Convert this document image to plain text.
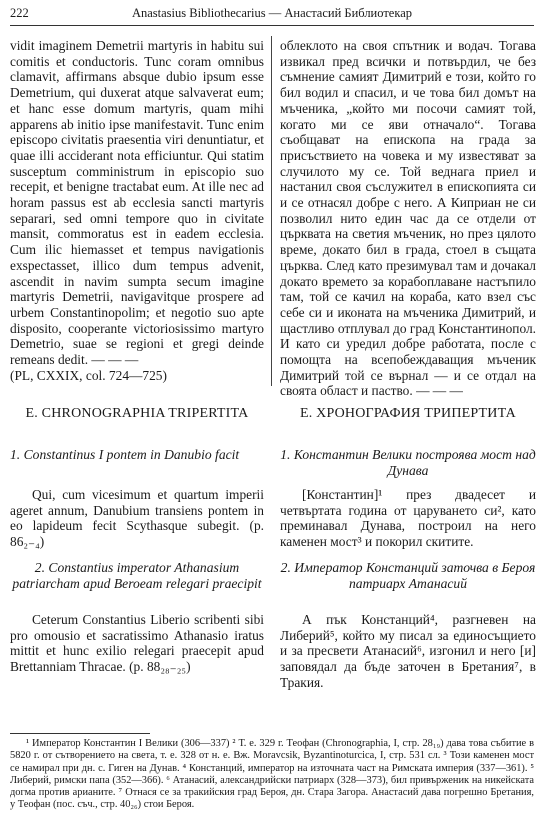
222	Anastasius Bibliothecarius — Анастасий Библиотекар
vidit imaginem Demetrii martyris in habitu sui comitis et conductoris. Tunc coram omnibus clamavit, affirmans absque dubio ipsum esse Demetrium, qui duxerat atque salvaverat eum; et hanc esse domum martyris, quam mihi apparens ab initio ipse manifestavit. Tunc enim episcopo civitatis praesentia viri denuntiatur, et quae illi acciderant nota efficiuntur. Qui statim susceptum comministrum in episcopio suo recepit, et benigne tractabat eum. At ille nec ad horam passus est ab ecclesia sancti martyris separari, sed omni tempore quo in civitate mansit, commoratus est in eadem ecclesia. Cum ilic hiemasset et tempus navigationis exspectasset, illico dum tempus advenit, ascendit in navim sumpta secum imagine martyris Demetrii, navigavitque prospere ad urbem Constantinopolim; et negotio suo apte disposito, cooperante victoriosissimo martyro Demetrio, suae se regioni et gregi deinde remeans dedit. — — —
(PL, CXXIX, col. 724—725)
облеклото на своя спътник и водач. Тогава извикал пред всички и потвърдил, че без съмнение самият Димитрий е този, който го бил водил и спасил, и че това бил домът на мъченика, „който ми посочи самият той, когато ми се яви отначало“. Тогава съобщават на епископа на града за присъствието на човека и му известяват за случилото му се. Той веднага приел и настанил своя съслужител в епископията си и се отнасял добре с него. А Киприан не си позволил нито един час да се отдели от църквата на светия мъченик, но през цялото време, докато бил в града, стоел в същата църква. След като презимувал там и дочакал докато времето за корабоплаване настъпило там, той се качил на кораба, като взел със себе си и иконата на мъченика Димитрий, и щастливо отплувал до град Константинопол. И като си уредил добре работата, после с помощта на всепобеждаващия мъченик Димитрий той се върнал — и се отдал на своята област и паство. — — —
E. CHRONOGRAPHIA TRIPERTITA	Е. ХРОНОГРАФИЯ ТРИПЕРТИТА
1. Constantinus I pontem in Danubio facit	1. Константин Велики построява мост над Дунава
Qui, cum vicesimum et quartum imperii ageret annum, Danubium transiens pontem in eo lapideum fecit Scythasque subegit. (p. 86₂₋₄)
[Константин]¹ през двадесет и четвъртата година от царуването си², като преминавал Дунава, построил на него каменен мост³ и покорил скитите.
2. Constantius imperator Athanasium patriarcham apud Beroeam relegari praecipit
2. Император Констанций заточва в Бероя патриарх Атанасий
Ceterum Constantius Liberio scribenti sibi pro omousio et sacratissimo Athanasio iratus mittit et hunc exilio relegari praecepit apud Brettanniam Thracae. (p. 88₂₈₋₂₅)
А пък Констанций⁴, разгневен на Либерий⁵, който му писал за единосъщието и за пресвети Атанасий⁶, изгонил и него [и] заповядал да бъде заточен в Бретания⁷, в Тракия.

¹ Император Константин I Велики (306—337) ² Т. е. 329 г. Теофан (Chronographia, I, стр. 28₁₉) дава това събитие в 5820 г. от сътворението на света, т. е. 328 от н. е. Вж. Moravcsik, Byzantinoturcica, I, стр. 531 сл. ³ Този каменен мост се намирал при дн. с. Гиген на Дунав. ⁴ Констанций, император на източната част на Римската империя (337—361). ⁵ Либерий, римски папа (352—366). ⁶ Атанасий, александрийски патриарх (328—373), бил привърженик на никейската догма против арианите. ⁷ Отнася се за тракийския град Бероя, дн. Стара Загора. Анастасий дава погрешно Бретания, у Теофан (пос. съч., стр. 40₂₆) стои Бероя.
